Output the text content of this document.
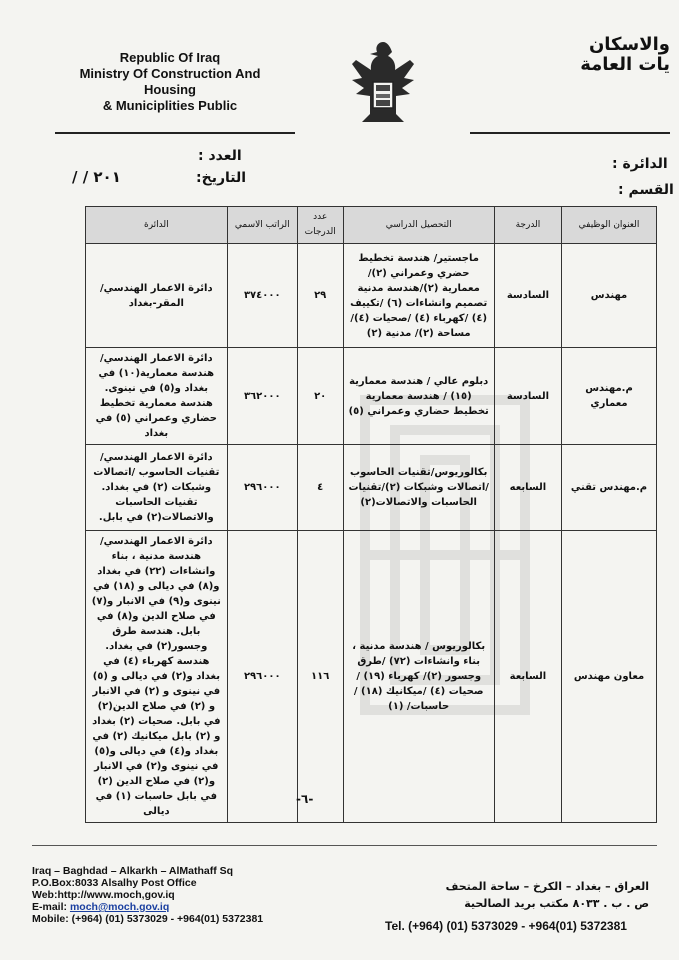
Republic Of Iraq
Ministry Of Construction And Housing
& Municiplities Public
والاسكان
يات العامة
العدد :
التاريخ:
/ / ٢٠١
الدائرة :
القسم :
العنوان الوظيفي	الدرجة	التحصيل الدراسي	عدد الدرجات	الراتب الاسمي	الدائرة
مهندس	السادسة	ماجستير/ هندسة تخطيط حضري وعمراني (٢)/ معمارية (٢)/هندسة مدنية تصميم وانشاءات (٦) /تكييف (٤) /كهرباء (٤) /صحيات (٤)/مساحة (٢)/ مدنية (٢)	٢٩	٣٧٤٠٠٠	دائرة الاعمار الهندسي/ المقر-بغداد
م.مهندس معماري	السادسة	دبلوم عالي / هندسة معمارية (١٥) / هندسة معمارية تخطيط حضاري وعمراني (٥)	٢٠	٣٦٢٠٠٠	دائرة الاعمار الهندسي/ هندسة معمارية(١٠) في بغداد و(٥) في نينوى. هندسة معمارية تخطيط حضاري وعمراني (٥) في بغداد
م.مهندس تقني	السابعه	بكالوريوس/تقنيات الحاسوب /اتصالات وشبكات (٢)/تقنيات الحاسبات والاتصالات(٢)	٤	٢٩٦٠٠٠	دائرة الاعمار الهندسي/ تقنيات الحاسوب /اتصالات وشبكات (٢) في بغداد. تقنيات الحاسبات والاتصالات(٢) في بابل.
معاون مهندس	السابعة	بكالوريوس / هندسة مدنية ، بناء وانشاءات (٧٢) /طرق وجسور (٢)/ كهرباء (١٩) /صحيات (٤) /ميكانيك (١٨) /حاسبات/ (١)	١١٦	٢٩٦٠٠٠	دائرة الاعمار الهندسي/هندسة مدنية ، بناء وانشاءات (٢٢) في بغداد و(٨) في ديالى و (١٨) في نينوى و(٩) في الانبار و(٧) في صلاح الدين و(٨) في بابل. هندسة طرق وجسور(٢) في بغداد. هندسة كهرباء (٤) في بغداد و(٢) في ديالى و (٥) في نينوى و (٢) في الانبار و (٢) في صلاح الدين(٢) في بابل. صحيات (٢) بغداد و (٢) بابل ميكانيك (٢) في بغداد و(٤) في ديالى و(٥) في نينوى و(٢) في الانبار و(٢) في صلاح الدين (٢) في بابل حاسبات (١) في ديالى
-٦-
Iraq – Baghdad – Alkarkh – AlMathaff Sq
P.O.Box:8033 Alsalhy Post Office
Web:http://www.moch,gov.iq
E-mail: moch@moch.gov.iq
Mobile: (+964) (01) 5373029 - +964(01) 5372381
العراق – بغداد – الكرخ – ساحة المتحف
ص . ب . ٨٠٣٣ مكتب بريد الصالحية
Tel. (+964) (01) 5373029 - +964(01) 5372381
